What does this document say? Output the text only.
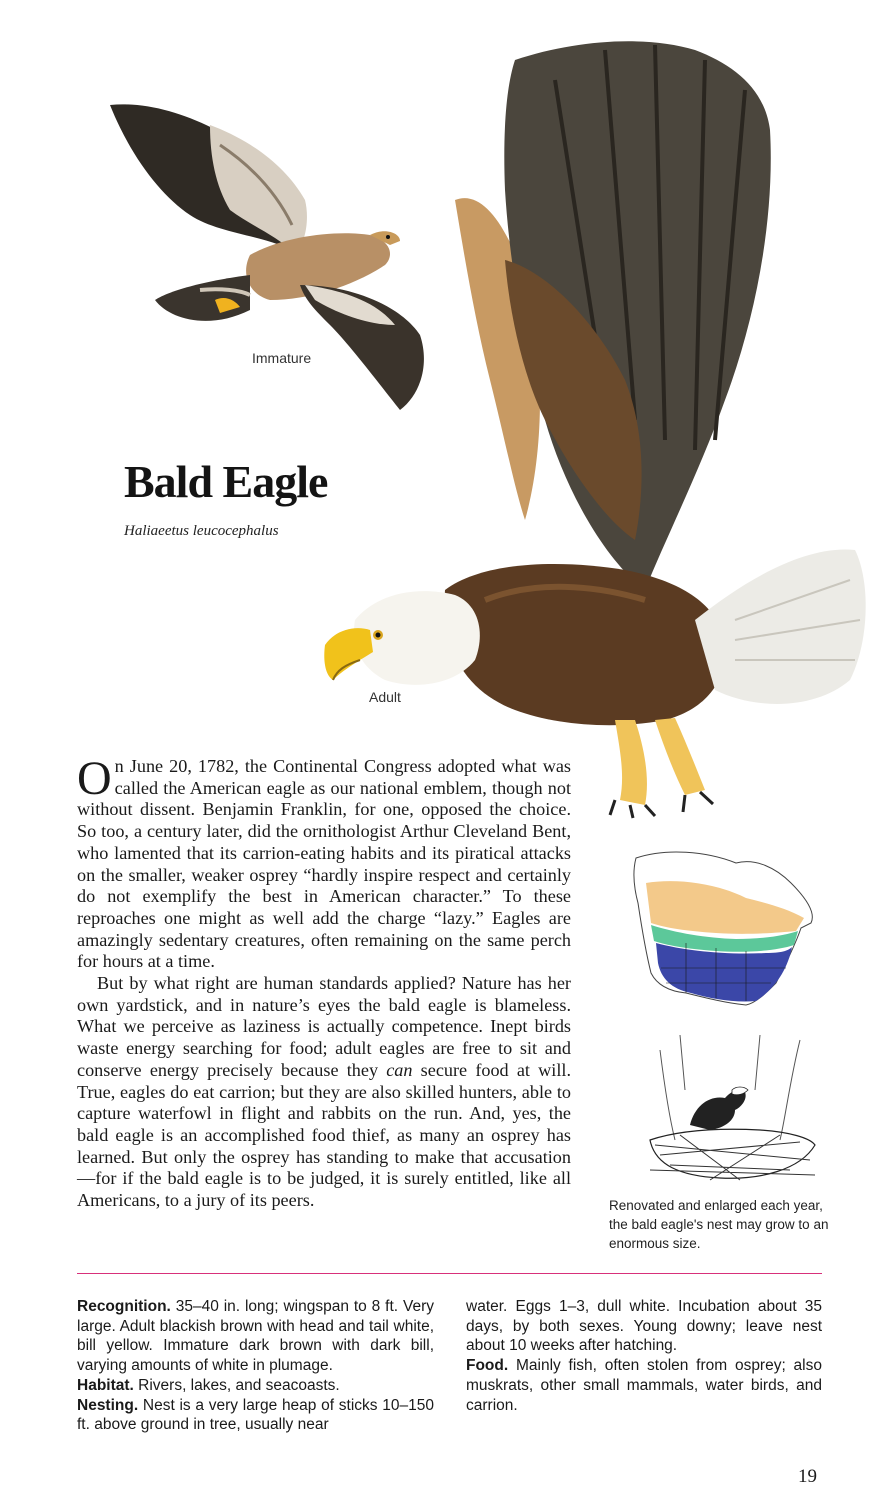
Immature
Adult
Bald Eagle
Haliaeetus leucocephalus

On June 20, 1782, the Continental Congress adopted what was called the American eagle as our national emblem, though not without dissent. Benjamin Franklin, for one, opposed the choice. So too, a century later, did the ornithologist Arthur Cleveland Bent, who lamented that its carrion-eating habits and its piratical attacks on the smaller, weaker osprey “hardly inspire respect and certainly do not exemplify the best in American character.” To these reproaches one might as well add the charge “lazy.” Eagles are amazingly sedentary creatures, often remaining on the same perch for hours at a time.

But by what right are human standards applied? Nature has her own yardstick, and in nature’s eyes the bald eagle is blameless. What we perceive as laziness is actually competence. Inept birds waste energy searching for food; adult eagles are free to sit and conserve energy precisely because they can secure food at will. True, eagles do eat carrion; but they are also skilled hunters, able to capture waterfowl in flight and rabbits on the run. And, yes, the bald eagle is an accomplished food thief, as many an osprey has learned. But only the osprey has standing to make that accusation—for if the bald eagle is to be judged, it is surely entitled, like all Americans, to a jury of its peers.	Renovated and enlarged each year, the bald eagle's nest may grow to an enormous size.

Recognition. 35–40 in. long; wingspan to 8 ft. Very large. Adult blackish brown with head and tail white, bill yellow. Immature dark brown with dark bill, varying amounts of white in plumage.

Habitat. Rivers, lakes, and seacoasts.

Nesting. Nest is a very large heap of sticks 10–150 ft. above ground in tree, usually near

water. Eggs 1–3, dull white. Incubation about 35 days, by both sexes. Young downy; leave nest about 10 weeks after hatching.

Food. Mainly fish, often stolen from osprey; also muskrats, other small mammals, water birds, and carrion.

19
